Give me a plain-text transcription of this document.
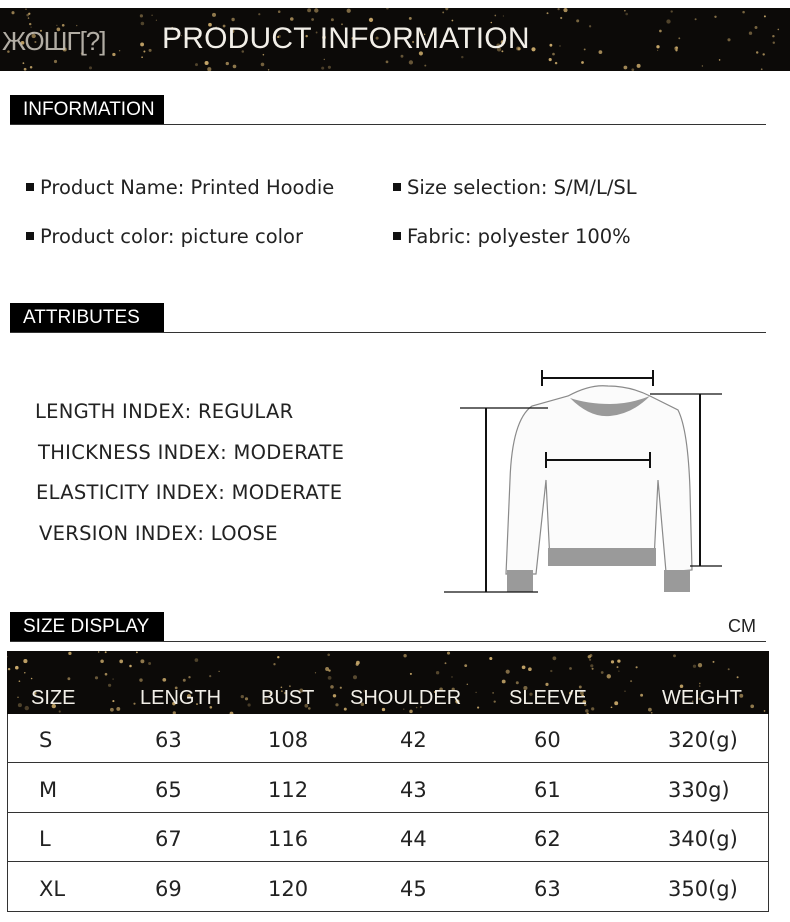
ЖОШГ[?] PRODUCT INFORMATION
INFORMATION
Product Name: Printed Hoodie	Size selection: S/M/L/SL
Product color: picture color	Fabric: polyester 100%
ATTRIBUTES
LENGTH INDEX: REGULAR
THICKNESS INDEX: MODERATE
ELASTICITY INDEX: MODERATE
VERSION INDEX: LOOSE
SIZE DISPLAY	CM
SIZE	LENGTH BUST SHOULDER SLEEVE	WEIGHT
S	63	108	42	60	320(g)
M	65	112	43	61	330g)
L	67	116	44	62	340(g)
XL	69	120	45	63	350(g)
